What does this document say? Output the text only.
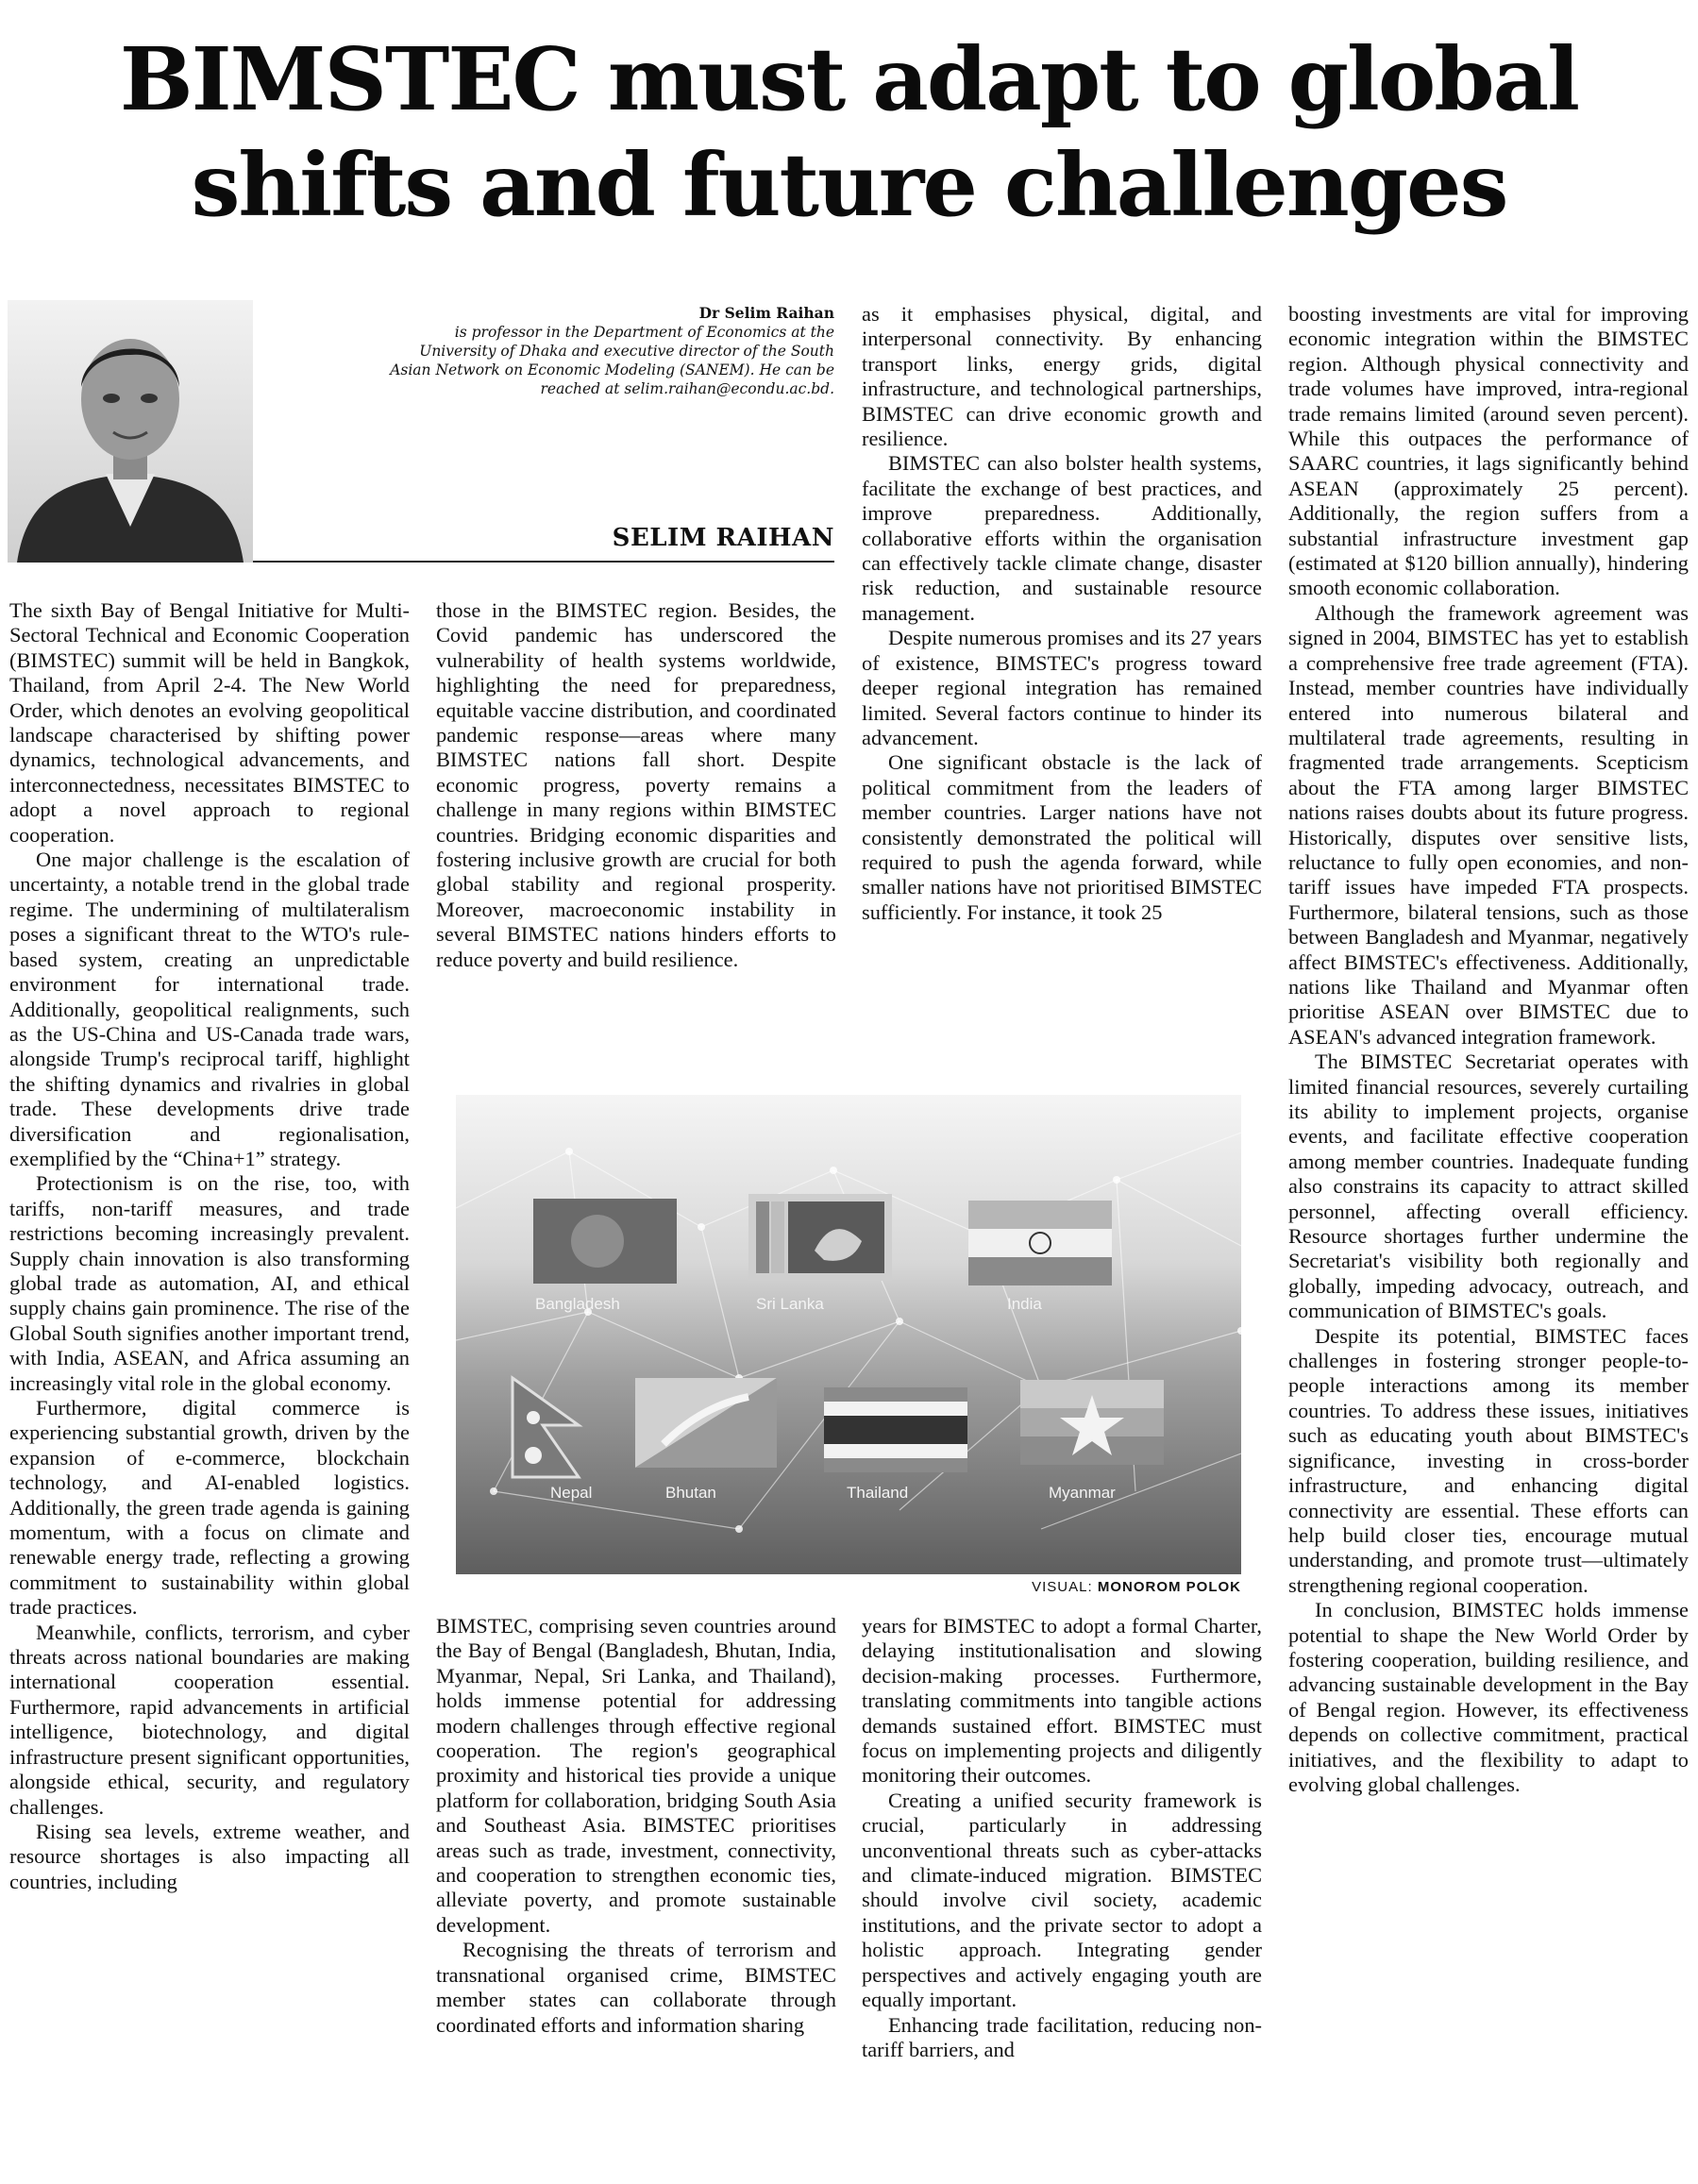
BIMSTEC must adapt to global
shifts and future challenges
Dr Selim Raihan
is professor in the Department of Economics at the University of Dhaka and executive director of the South Asian Network on Economic Modeling (SANEM). He can be reached at selim.raihan@econdu.ac.bd.
SELIM RAIHAN

The sixth Bay of Bengal Initiative for Multi-Sectoral Technical and Economic Cooperation (BIMSTEC) summit will be held in Bangkok, Thailand, from April 2-4. The New World Order, which denotes an evolving geopolitical landscape characterised by shifting power dynamics, technological advancements, and interconnectedness, necessitates BIMSTEC to adopt a novel approach to regional cooperation.

One major challenge is the escalation of uncertainty, a notable trend in the global trade regime. The undermining of multilateralism poses a significant threat to the WTO's rule-based system, creating an unpredictable environment for international trade. Additionally, geopolitical realignments, such as the US-China and US-Canada trade wars, alongside Trump's reciprocal tariff, highlight the shifting dynamics and rivalries in global trade. These developments drive trade diversification and regionalisation, exemplified by the “China+1” strategy.

Protectionism is on the rise, too, with tariffs, non-tariff measures, and trade restrictions becoming increasingly prevalent. Supply chain innovation is also transforming global trade as automation, AI, and ethical supply chains gain prominence. The rise of the Global South signifies another important trend, with India, ASEAN, and Africa assuming an increasingly vital role in the global economy.

Furthermore, digital commerce is experiencing substantial growth, driven by the expansion of e-commerce, blockchain technology, and AI-enabled logistics. Additionally, the green trade agenda is gaining momentum, with a focus on climate and renewable energy trade, reflecting a growing commitment to sustainability within global trade practices.

Meanwhile, conflicts, terrorism, and cyber threats across national boundaries are making international cooperation essential. Furthermore, rapid advancements in artificial intelligence, biotechnology, and digital infrastructure present significant opportunities, alongside ethical, security, and regulatory challenges.

Rising sea levels, extreme weather, and resource shortages is also impacting all countries, including

those in the BIMSTEC region. Besides, the Covid pandemic has underscored the vulnerability of health systems worldwide, highlighting the need for preparedness, equitable vaccine distribution, and coordinated pandemic response—areas where many BIMSTEC nations fall short. Despite economic progress, poverty remains a challenge in many regions within BIMSTEC countries. Bridging economic disparities and fostering inclusive growth are crucial for both global stability and regional prosperity. Moreover, macroeconomic instability in several BIMSTEC nations hinders efforts to reduce poverty and build resilience.

as it emphasises physical, digital, and interpersonal connectivity. By enhancing transport links, energy grids, digital infrastructure, and technological partnerships, BIMSTEC can drive economic growth and resilience.

BIMSTEC can also bolster health systems, facilitate the exchange of best practices, and improve preparedness. Additionally, collaborative efforts within the organisation can effectively tackle climate change, disaster risk reduction, and sustainable resource management.

Despite numerous promises and its 27 years of existence, BIMSTEC's progress toward deeper regional integration has remained limited. Several factors continue to hinder its advancement.

One significant obstacle is the lack of political commitment from the leaders of member countries. Larger nations have not consistently demonstrated the political will required to push the agenda forward, while smaller nations have not prioritised BIMSTEC sufficiently. For instance, it took 25

boosting investments are vital for improving economic integration within the BIMSTEC region. Although physical connectivity and trade volumes have improved, intra-regional trade remains limited (around seven percent). While this outpaces the performance of SAARC countries, it lags significantly behind ASEAN (approximately 25 percent). Additionally, the region suffers from a substantial infrastructure investment gap (estimated at $120 billion annually), hindering smooth economic collaboration.

Although the framework agreement was signed in 2004, BIMSTEC has yet to establish a comprehensive free trade agreement (FTA). Instead, member countries have individually entered into numerous bilateral and multilateral trade agreements, resulting in fragmented trade arrangements. Scepticism about the FTA among larger BIMSTEC nations raises doubts about its future progress. Historically, disputes over sensitive lists, reluctance to fully open economies, and non-tariff issues have impeded FTA prospects. Furthermore, bilateral tensions, such as those between Bangladesh and Myanmar, negatively affect BIMSTEC's effectiveness. Additionally, nations like Thailand and Myanmar often prioritise ASEAN over BIMSTEC due to ASEAN's advanced integration framework.

The BIMSTEC Secretariat operates with limited financial resources, severely curtailing its ability to implement projects, organise events, and facilitate effective cooperation among member countries. Inadequate funding also constrains its capacity to attract skilled personnel, affecting overall efficiency. Resource shortages further undermine the Secretariat's visibility both regionally and globally, impeding advocacy, outreach, and communication of BIMSTEC's goals.

Despite its potential, BIMSTEC faces challenges in fostering stronger people-to-people interactions among its member countries. To address these issues, initiatives such as educating youth about BIMSTEC's significance, investing in cross-border infrastructure, and enhancing digital connectivity are essential. These efforts can help build closer ties, encourage mutual understanding, and promote trust—ultimately strengthening regional cooperation.

In conclusion, BIMSTEC holds immense potential to shape the New World Order by fostering cooperation, building resilience, and advancing sustainable development in the Bay of Bengal region. However, its effectiveness depends on collective commitment, practical initiatives, and the flexibility to adapt to evolving global challenges.

Bangladesh	Sri Lanka	India
Nepal	Bhutan	Thailand	Myanmar
VISUAL: MONOROM POLOK

BIMSTEC, comprising seven countries around the Bay of Bengal (Bangladesh, Bhutan, India, Myanmar, Nepal, Sri Lanka, and Thailand), holds immense potential for addressing modern challenges through effective regional cooperation. The region's geographical proximity and historical ties provide a unique platform for collaboration, bridging South Asia and Southeast Asia. BIMSTEC prioritises areas such as trade, investment, connectivity, and cooperation to strengthen economic ties, alleviate poverty, and promote sustainable development.

Recognising the threats of terrorism and transnational organised crime, BIMSTEC member states can collaborate through coordinated efforts and information sharing

years for BIMSTEC to adopt a formal Charter, delaying institutionalisation and slowing decision-making processes. Furthermore, translating commitments into tangible actions demands sustained effort. BIMSTEC must focus on implementing projects and diligently monitoring their outcomes.

Creating a unified security framework is crucial, particularly in addressing unconventional threats such as cyber-attacks and climate-induced migration. BIMSTEC should involve civil society, academic institutions, and the private sector to adopt a holistic approach. Integrating gender perspectives and actively engaging youth are equally important.

Enhancing trade facilitation, reducing non-tariff barriers, and
